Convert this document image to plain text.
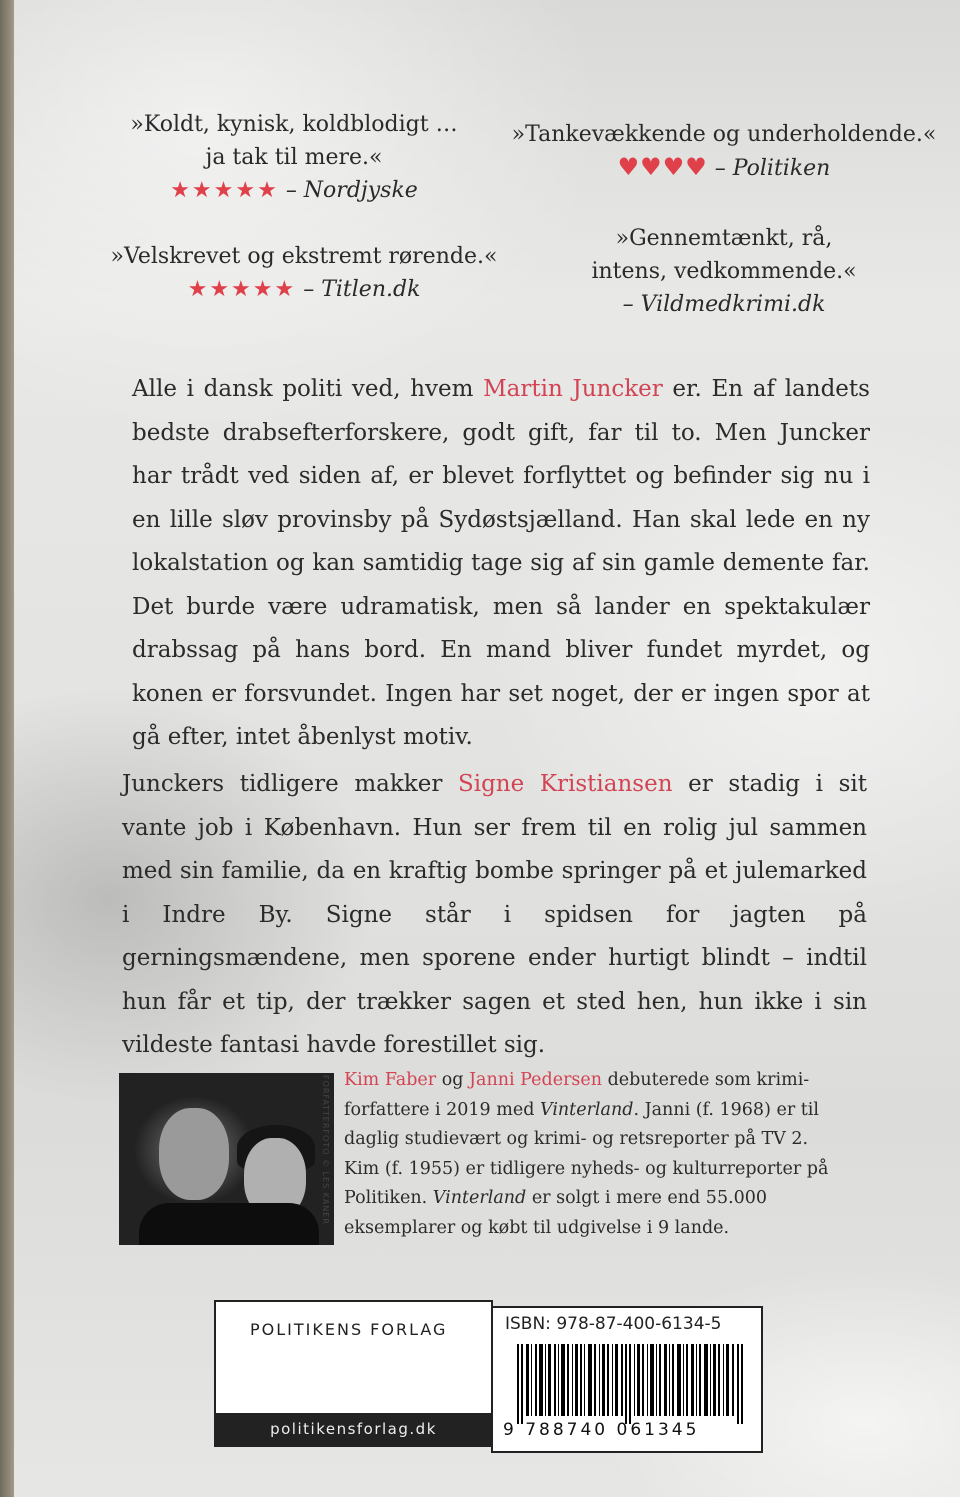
»Koldt, kynisk, koldblodigt …
ja tak til mere.«
★★★★★ – Nordjyske
»Tankevækkende og underholdende.«
♥♥♥♥ – Politiken
»Velskrevet og ekstremt rørende.«
★★★★★ – Titlen.dk
»Gennemtænkt, rå,
intens, vedkommende.«
– Vildmedkrimi.dk
Alle i dansk politi ved, hvem Martin Juncker er. En af landets bedste drabsefterforskere, godt gift, far til to. Men Juncker har trådt ved siden af, er blevet forflyttet og befinder sig nu i en lille sløv provinsby på Sydøstsjælland. Han skal lede en ny lokalstation og kan samtidig tage sig af sin gamle demente far. Det burde være udramatisk, men så lander en spektakulær drabssag på hans bord. En mand bliver fundet myrdet, og konen er forsvundet. Ingen har set noget, der er ingen spor at gå efter, intet åbenlyst motiv.
Junckers tidligere makker Signe Kristiansen er stadig i sit vante job i København. Hun ser frem til en rolig jul sammen med sin familie, da en kraftig bombe springer på et julemarked i Indre By. Signe står i spidsen for jagten på gerningsmændene, men sporene ender hurtigt blindt – indtil hun får et tip, der trækker sagen et sted hen, hun ikke i sin vildeste fantasi havde forestillet sig.
FORFATTERFOTO © LES KANER Kim Faber og Janni Pedersen debuterede som krimi-forfattere i 2019 med Vinterland. Janni (f. 1968) er til daglig studievært og krimi- og retsreporter på TV 2. Kim (f. 1955) er tidligere nyheds- og kulturreporter på Politiken. Vinterland er solgt i mere end 55.000 eksemplarer og købt til udgivelse i 9 lande.
POLITIKENS FORLAG
politikensforlag.dk
ISBN: 978-87-400-6134-5
9 788740 061345
